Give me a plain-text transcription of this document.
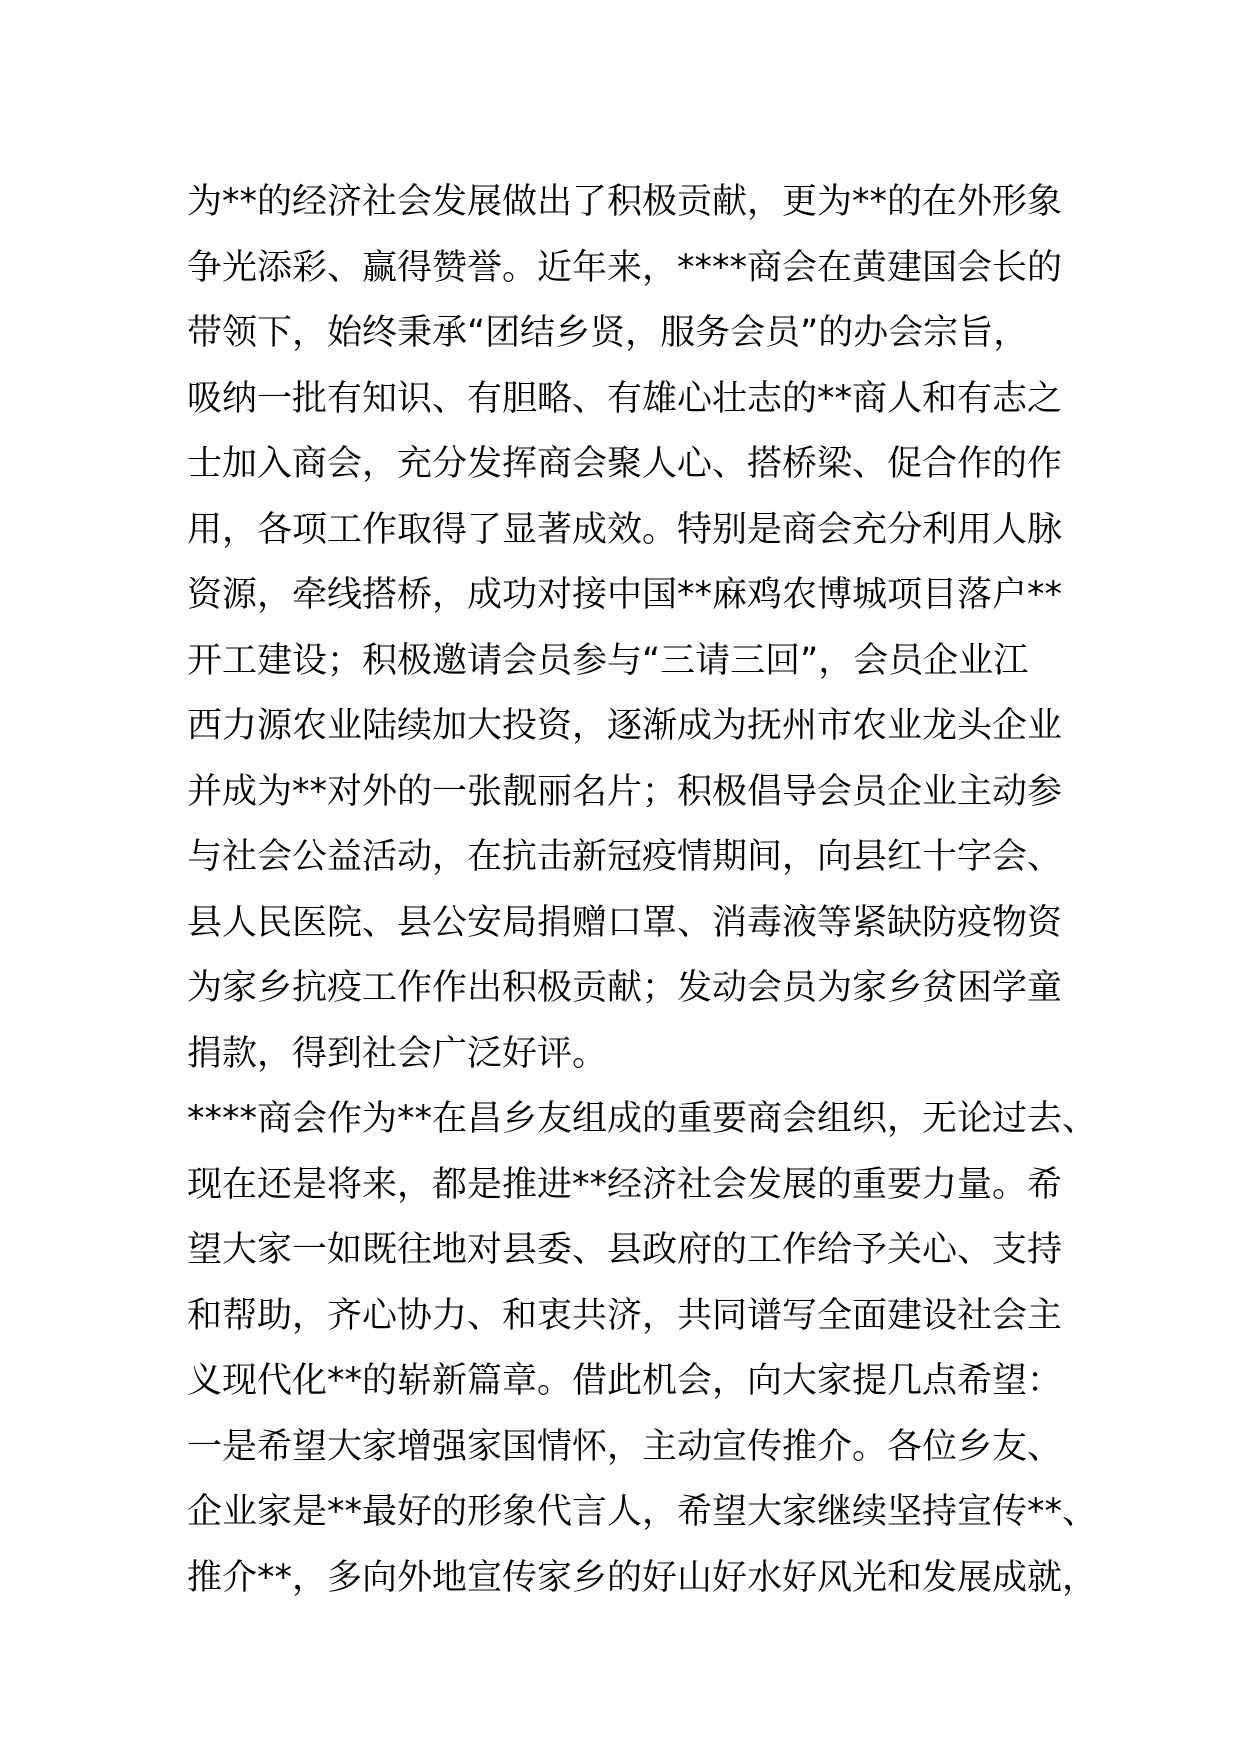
为**的经济社会发展做出了积极贡献，更为**的在外形象
争光添彩、赢得赞誉。近年来，****商会在黄建国会长的
带领下，始终秉承“团结乡贤，服务会员”的办会宗旨，
吸纳一批有知识、有胆略、有雄心壮志的**商人和有志之
士加入商会，充分发挥商会聚人心、搭桥梁、促合作的作
用，各项工作取得了显著成效。特别是商会充分利用人脉
资源，牵线搭桥，成功对接中国**麻鸡农博城项目落户**
开工建设；积极邀请会员参与“三请三回”，会员企业江
西力源农业陆续加大投资，逐渐成为抚州市农业龙头企业
并成为**对外的一张靓丽名片；积极倡导会员企业主动参
与社会公益活动，在抗击新冠疫情期间，向县红十字会、
县人民医院、县公安局捐赠口罩、消毒液等紧缺防疫物资
为家乡抗疫工作作出积极贡献；发动会员为家乡贫困学童
捐款，得到社会广泛好评。
****商会作为**在昌乡友组成的重要商会组织，无论过去、
现在还是将来，都是推进**经济社会发展的重要力量。希
望大家一如既往地对县委、县政府的工作给予关心、支持
和帮助，齐心协力、和衷共济，共同谱写全面建设社会主
义现代化**的崭新篇章。借此机会，向大家提几点希望：
一是希望大家增强家国情怀，主动宣传推介。各位乡友、
企业家是**最好的形象代言人，希望大家继续坚持宣传**、
推介**，多向外地宣传家乡的好山好水好风光和发展成就，
